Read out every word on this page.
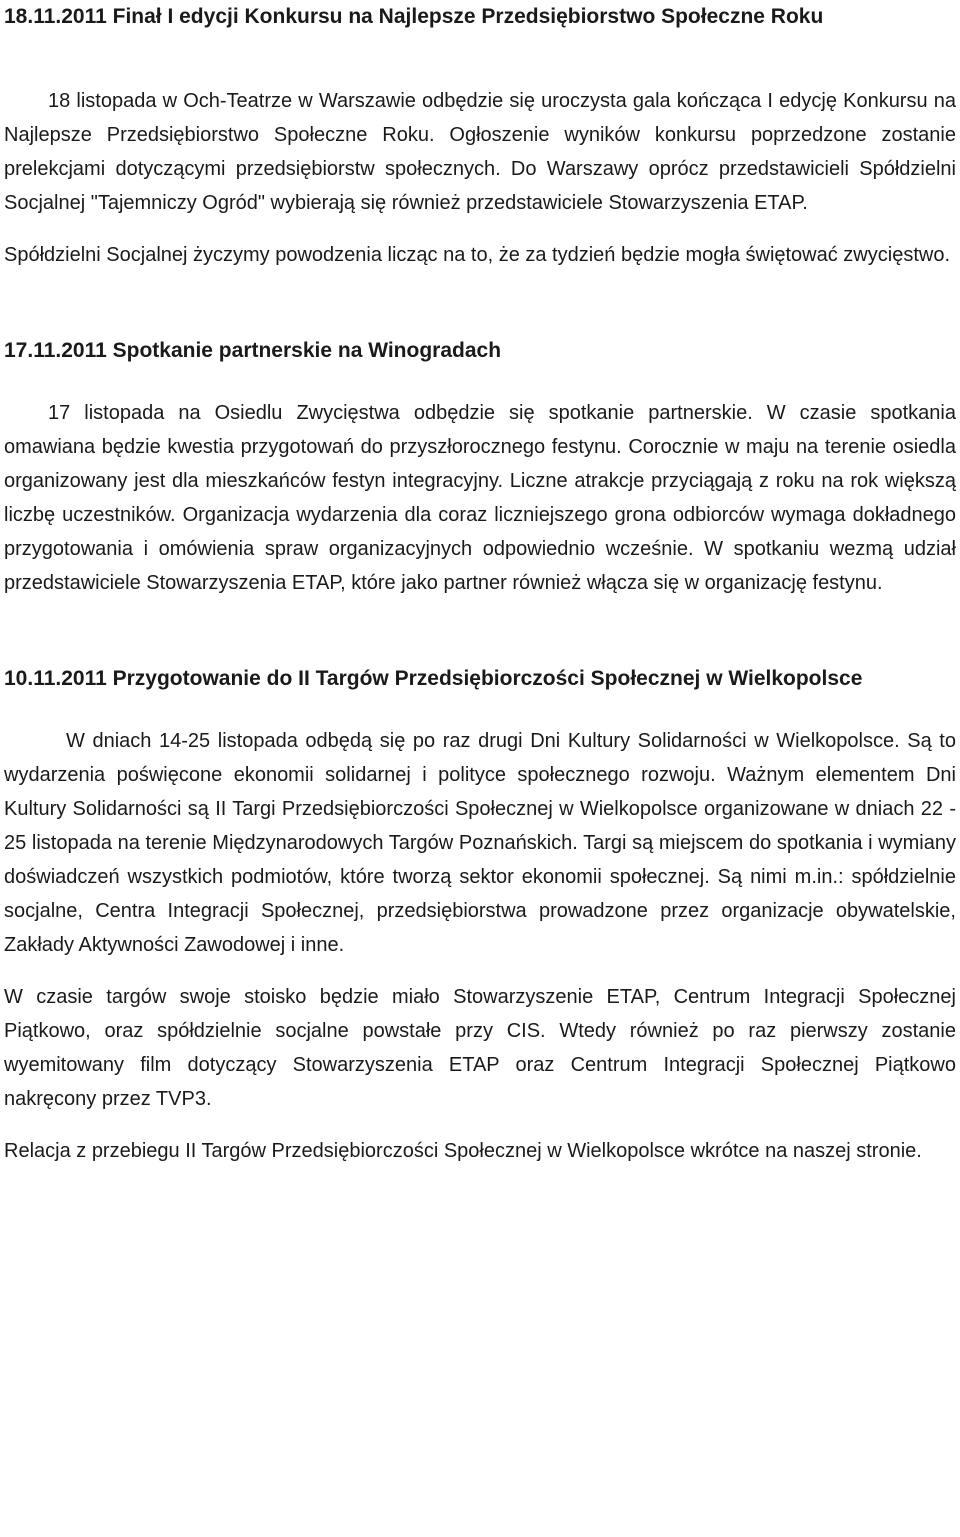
18.11.2011 Finał I edycji Konkursu na Najlepsze Przedsiębiorstwo Społeczne Roku

18 listopada w Och-Teatrze w Warszawie odbędzie się uroczysta gala kończąca I edycję Konkursu na Najlepsze Przedsiębiorstwo Społeczne Roku. Ogłoszenie wyników konkursu poprzedzone zostanie prelekcjami dotyczącymi przedsiębiorstw społecznych. Do Warszawy oprócz przedstawicieli Spółdzielni Socjalnej "Tajemniczy Ogród" wybierają się również przedstawiciele Stowarzyszenia ETAP.

Spółdzielni Socjalnej życzymy powodzenia licząc na to, że za tydzień będzie mogła świętować zwycięstwo.

17.11.2011 Spotkanie partnerskie na Winogradach

17 listopada na Osiedlu Zwycięstwa odbędzie się spotkanie partnerskie. W czasie spotkania omawiana będzie kwestia przygotowań do przyszłorocznego festynu. Corocznie w maju na terenie osiedla organizowany jest dla mieszkańców festyn integracyjny. Liczne atrakcje przyciągają z roku na rok większą liczbę uczestników. Organizacja wydarzenia dla coraz liczniejszego grona odbiorców wymaga dokładnego przygotowania i omówienia spraw organizacyjnych odpowiednio wcześnie. W spotkaniu wezmą udział przedstawiciele Stowarzyszenia ETAP, które jako partner również włącza się w organizację festynu.

10.11.2011 Przygotowanie do II Targów Przedsiębiorczości Społecznej w Wielkopolsce

W dniach 14-25 listopada odbędą się po raz drugi Dni Kultury Solidarności w Wielkopolsce. Są to wydarzenia poświęcone ekonomii solidarnej i polityce społecznego rozwoju. Ważnym elementem Dni Kultury Solidarności są II Targi Przedsiębiorczości Społecznej w Wielkopolsce organizowane w dniach 22 - 25 listopada na terenie Międzynarodowych Targów Poznańskich. Targi są miejscem do spotkania i wymiany doświadczeń wszystkich podmiotów, które tworzą sektor ekonomii społecznej. Są nimi m.in.: spółdzielnie socjalne, Centra Integracji Społecznej, przedsiębiorstwa prowadzone przez organizacje obywatelskie, Zakłady Aktywności Zawodowej i inne.

W czasie targów swoje stoisko będzie miało Stowarzyszenie ETAP, Centrum Integracji Społecznej Piątkowo, oraz spółdzielnie socjalne powstałe przy CIS. Wtedy również po raz pierwszy zostanie wyemitowany film dotyczący Stowarzyszenia ETAP oraz Centrum Integracji Społecznej Piątkowo nakręcony przez TVP3.

Relacja z przebiegu II Targów Przedsiębiorczości Społecznej w Wielkopolsce wkrótce na naszej stronie.
